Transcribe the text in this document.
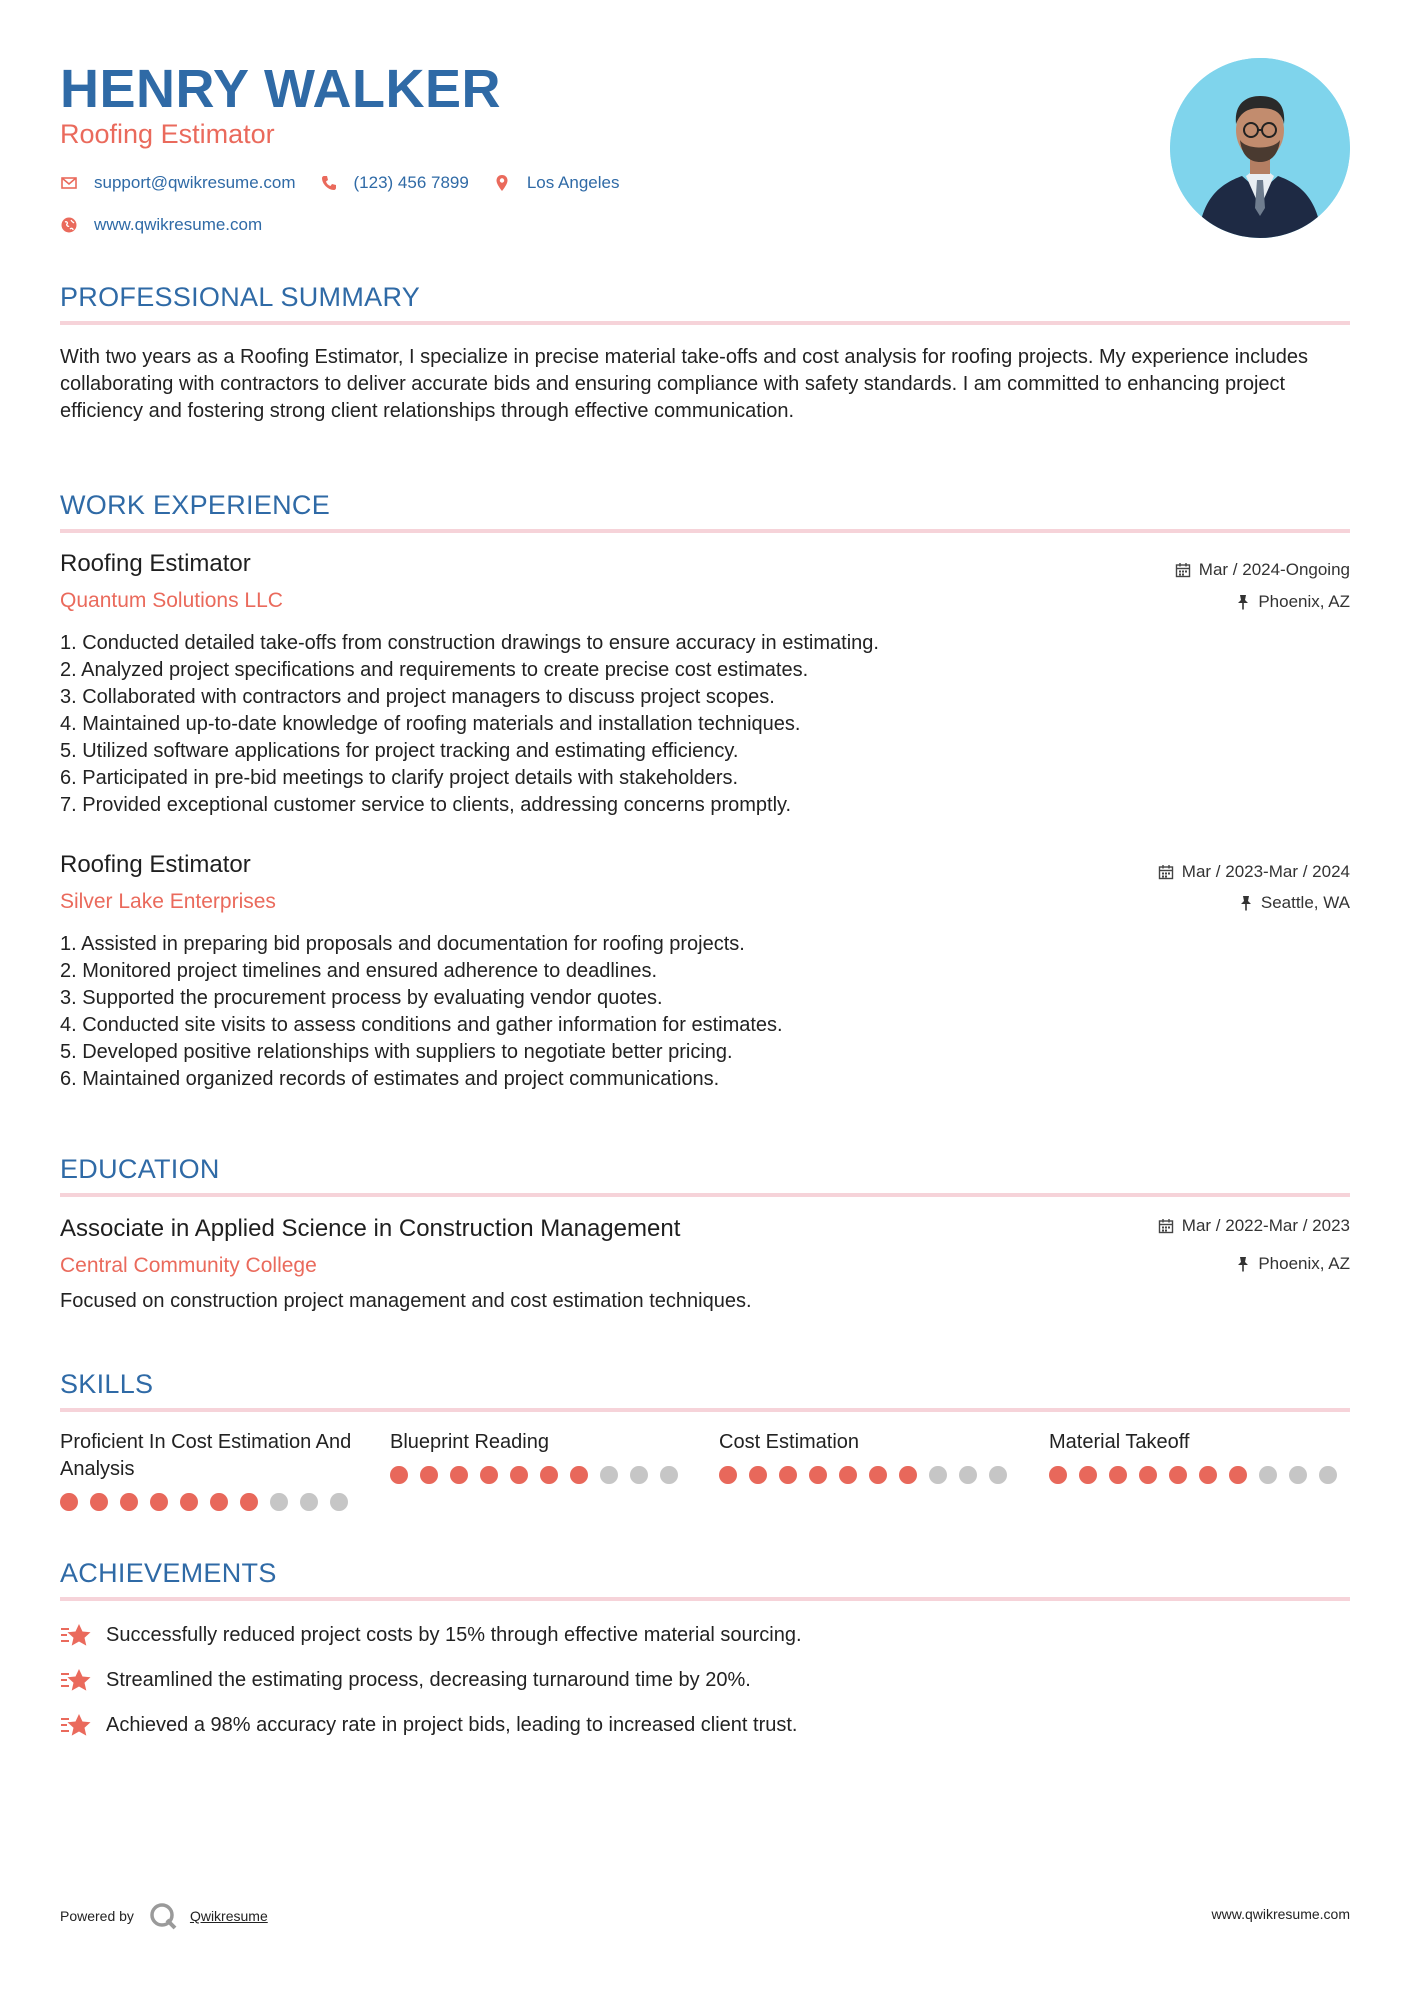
HENRY WALKER
Roofing Estimator
support@qwikresume.com	(123) 456 7899	Los Angeles
www.qwikresume.com
PROFESSIONAL SUMMARY

With two years as a Roofing Estimator, I specialize in precise material take-offs and cost analysis for roofing projects. My experience includes collaborating with contractors to deliver accurate bids and ensuring compliance with safety standards. I am committed to enhancing project efficiency and fostering strong client relationships through effective communication.

WORK EXPERIENCE
Roofing Estimator
Quantum Solutions LLC
Mar / 2024-Ongoing
Phoenix, AZ
1. Conducted detailed take-offs from construction drawings to ensure accuracy in estimating.
2. Analyzed project specifications and requirements to create precise cost estimates.
3. Collaborated with contractors and project managers to discuss project scopes.
4. Maintained up-to-date knowledge of roofing materials and installation techniques.
5. Utilized software applications for project tracking and estimating efficiency.
6. Participated in pre-bid meetings to clarify project details with stakeholders.
7. Provided exceptional customer service to clients, addressing concerns promptly.
Roofing Estimator
Silver Lake Enterprises
Mar / 2023-Mar / 2024
Seattle, WA
1. Assisted in preparing bid proposals and documentation for roofing projects.
2. Monitored project timelines and ensured adherence to deadlines.
3. Supported the procurement process by evaluating vendor quotes.
4. Conducted site visits to assess conditions and gather information for estimates.
5. Developed positive relationships with suppliers to negotiate better pricing.
6. Maintained organized records of estimates and project communications.
EDUCATION
Associate in Applied Science in Construction Management
Central Community College
Mar / 2022-Mar / 2023
Phoenix, AZ

Focused on construction project management and cost estimation techniques.

SKILLS

Proficient In Cost Estimation And Analysis

Blueprint Reading	Cost Estimation	Material Takeoff

ACHIEVEMENTS
Successfully reduced project costs by 15% through effective material sourcing.
Streamlined the estimating process, decreasing turnaround time by 20%.
Achieved a 98% accuracy rate in project bids, leading to increased client trust.
Powered by	Qwikresume	www.qwikresume.com
